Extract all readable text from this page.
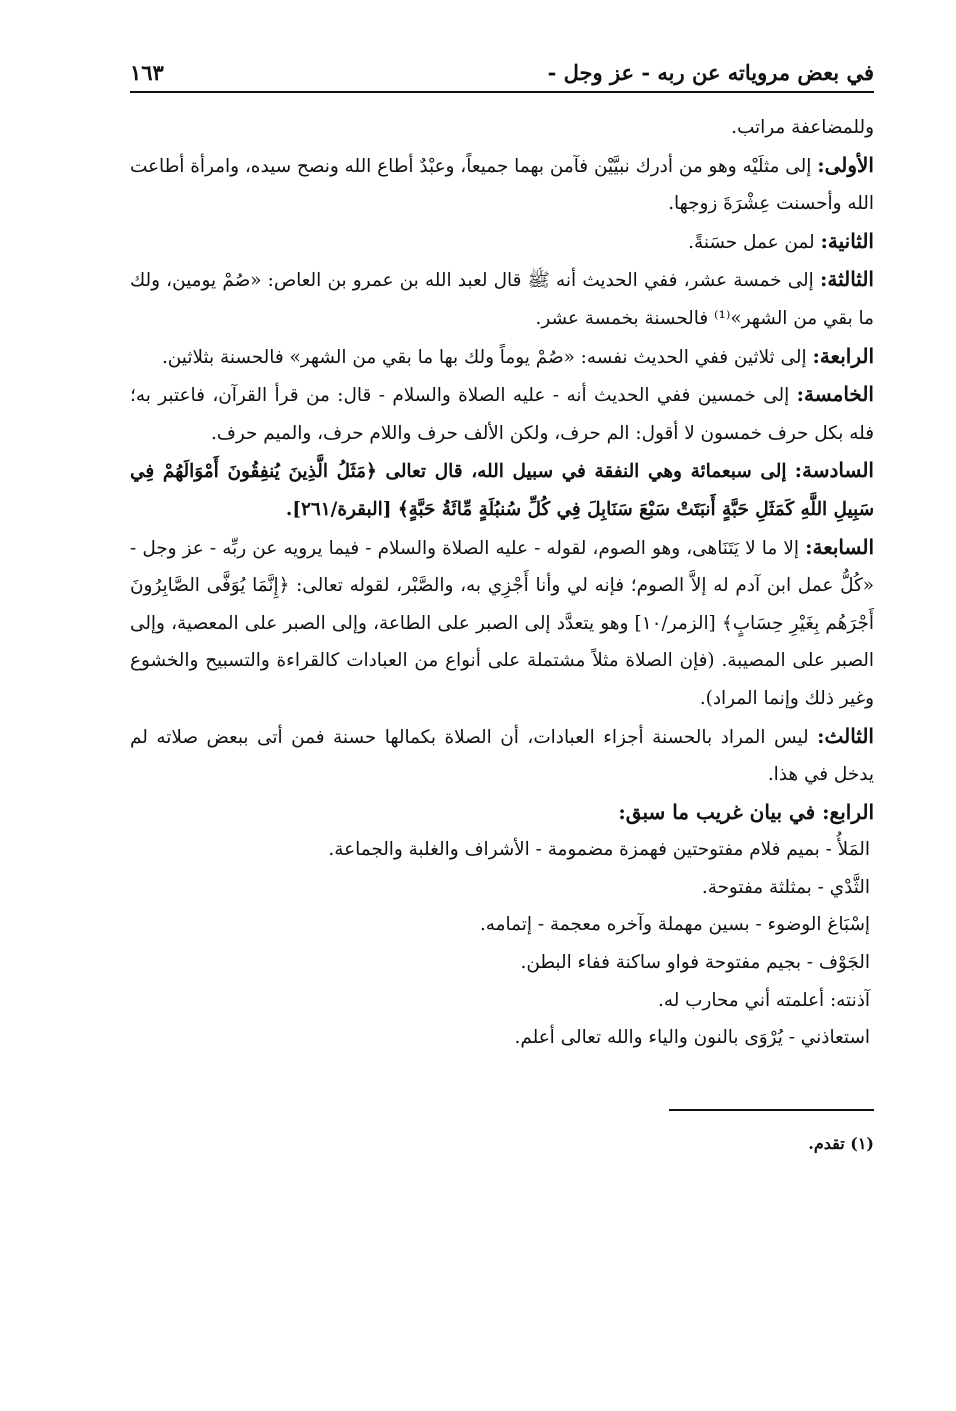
في بعض مروياته عن ربه - عز وجل -
١٦٣

وللمضاعفة مراتب.

الأولى: إلى مثلَيْه وهو من أدرك نبيَّيْن فآمن بهما جميعاً، وعبْدٌ أطاع الله ونصح سيده، وامرأة أطاعت الله وأحسنت عِشْرَةَ زوجها.

الثانية: لمن عمل حسَنةً.

الثالثة: إلى خمسة عشر، ففي الحديث أنه ﷺ قال لعبد الله بن عمرو بن العاص: «صُمْ يومين، ولك ما بقي من الشهر»⁽¹⁾ فالحسنة بخمسة عشر.

الرابعة: إلى ثلاثين ففي الحديث نفسه: «صُمْ يوماً ولك بها ما بقي من الشهر» فالحسنة بثلاثين.

الخامسة: إلى خمسين ففي الحديث أنه - عليه الصلاة والسلام - قال: من قرأ القرآن، فاعتبر به؛ فله بكل حرف خمسون لا أقول: الم حرف، ولكن الألف حرف واللام حرف، والميم حرف.

السادسة: إلى سبعمائة وهي النفقة في سبيل الله، قال تعالى ﴿مَثَلُ الَّذِينَ يُنفِقُونَ أَمْوَالَهُمْ فِي سَبِيلِ اللَّهِ كَمَثَلِ حَبَّةٍ أَنبَتَتْ سَبْعَ سَنَابِلَ فِي كُلِّ سُنبُلَةٍ مِّائَةُ حَبَّةٍ﴾ [البقرة/٢٦١].

السابعة: إلا ما لا يَتَنَاهى، وهو الصوم، لقوله - عليه الصلاة والسلام - فيما يرويه عن ربِّه - عز وجل - «كُلُّ عمل ابن آدم له إلاَّ الصوم؛ فإنه لي وأنا أَجْزِي به، والصَّبْر، لقوله تعالى: ﴿إِنَّمَا يُوَفَّى الصَّابِرُونَ أَجْرَهُم بِغَيْرِ حِسَابٍ﴾ [الزمر/١٠] وهو يتعدَّد إلى الصبر على الطاعة، وإلى الصبر على المعصية، وإلى الصبر على المصيبة. (فإن الصلاة مثلاً مشتملة على أنواع من العبادات كالقراءة والتسبيح والخشوع وغير ذلك وإنما المراد).

الثالث: ليس المراد بالحسنة أجزاء العبادات، أن الصلاة بكمالها حسنة فمن أتى ببعض صلاته لم يدخل في هذا.

الرابع: في بيان غريب ما سبق:

المَلأُ - بميم فلام مفتوحتين فهمزة مضمومة - الأشراف والغلبة والجماعة.
الثَّدْي - بمثلثة مفتوحة.
إسْبَاغ الوضوء - بسين مهملة وآخره معجمة - إتمامه.
الجَوْف - بجيم مفتوحة فواو ساكنة ففاء البطن.
آذنته: أعلمته أني محارب له.
استعاذني - يُرْوَى بالنون والياء والله تعالى أعلم.
(١) تقدم.
